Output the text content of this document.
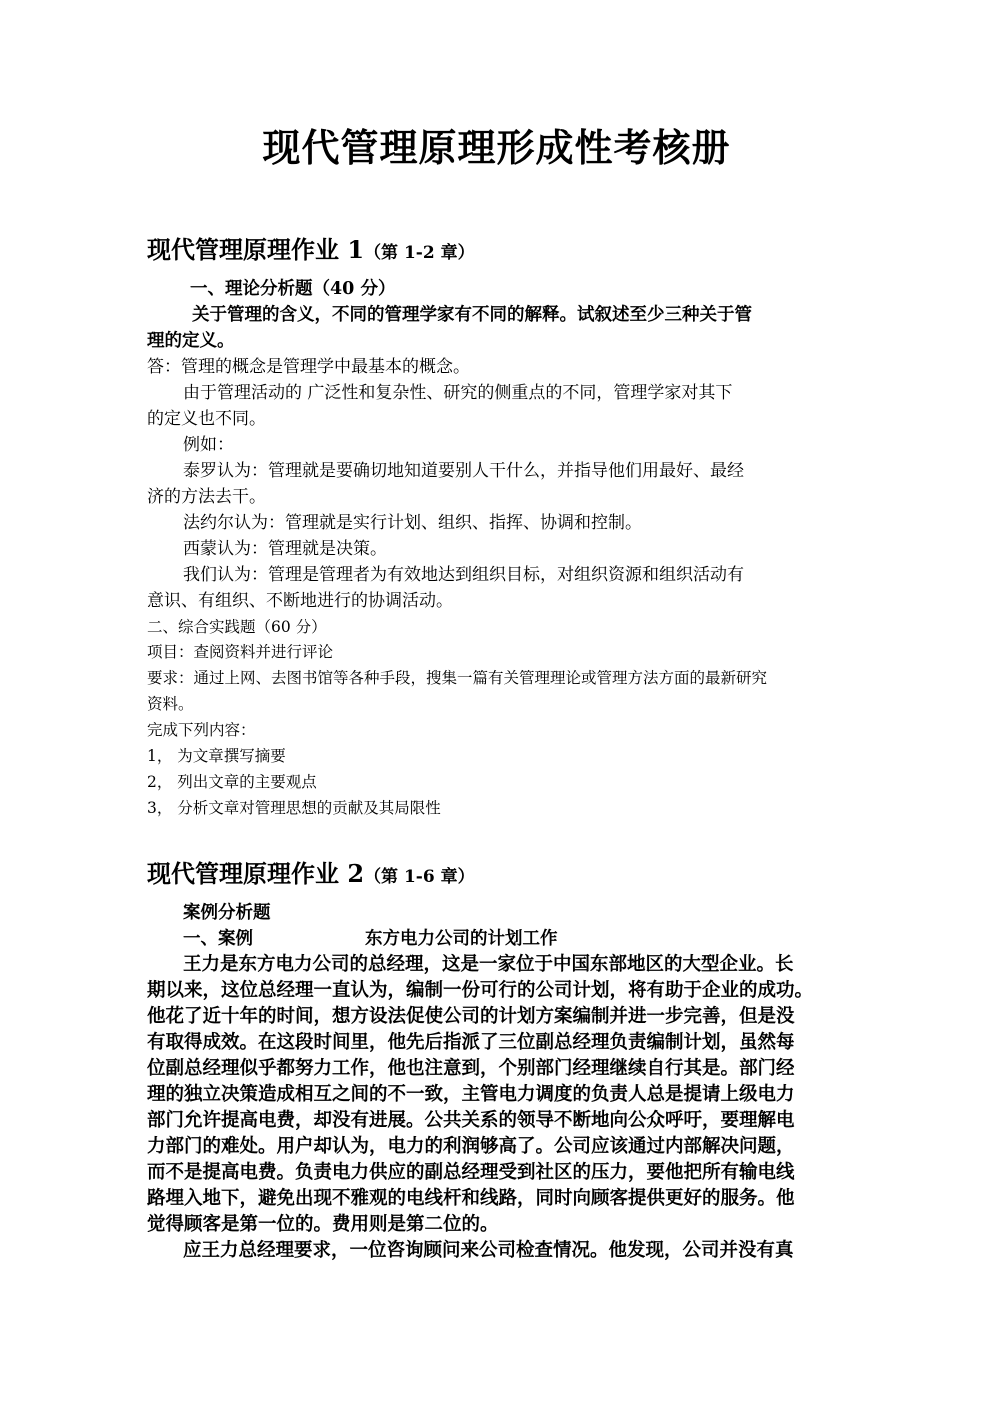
现代管理原理形成性考核册
现代管理原理作业 1（第 1-2 章）
一、理论分析题（40 分）
关于管理的含义，不同的管理学家有不同的解释。试叙述至少三种关于管
理的定义。
答：管理的概念是管理学中最基本的概念。
由于管理活动的 广泛性和复杂性、研究的侧重点的不同，管理学家对其下
的定义也不同。
例如：
泰罗认为：管理就是要确切地知道要别人干什么，并指导他们用最好、最经
济的方法去干。
法约尔认为：管理就是实行计划、组织、指挥、协调和控制。
西蒙认为：管理就是决策。
我们认为：管理是管理者为有效地达到组织目标，对组织资源和组织活动有
意识、有组织、不断地进行的协调活动。
二、综合实践题（60 分）
项目：查阅资料并进行评论
要求：通过上网、去图书馆等各种手段，搜集一篇有关管理理论或管理方法方面的最新研究
资料。
完成下列内容：
1， 为文章撰写摘要
2， 列出文章的主要观点
3， 分析文章对管理思想的贡献及其局限性
现代管理原理作业 2（第 1-6 章）
案例分析题
一、案例	东方电力公司的计划工作
王力是东方电力公司的总经理，这是一家位于中国东部地区的大型企业。长
期以来，这位总经理一直认为，编制一份可行的公司计划，将有助于企业的成功。
他花了近十年的时间，想方设法促使公司的计划方案编制并进一步完善，但是没
有取得成效。在这段时间里，他先后指派了三位副总经理负责编制计划，虽然每
位副总经理似乎都努力工作，他也注意到，个别部门经理继续自行其是。部门经
理的独立决策造成相互之间的不一致，主管电力调度的负责人总是提请上级电力
部门允许提高电费，却没有进展。公共关系的领导不断地向公众呼吁，要理解电
力部门的难处。用户却认为，电力的利润够高了。公司应该通过内部解决问题，
而不是提高电费。负责电力供应的副总经理受到社区的压力，要他把所有输电线
路埋入地下，避免出现不雅观的电线杆和线路，同时向顾客提供更好的服务。他
觉得顾客是第一位的。费用则是第二位的。
应王力总经理要求，一位咨询顾问来公司检查情况。他发现，公司并没有真
